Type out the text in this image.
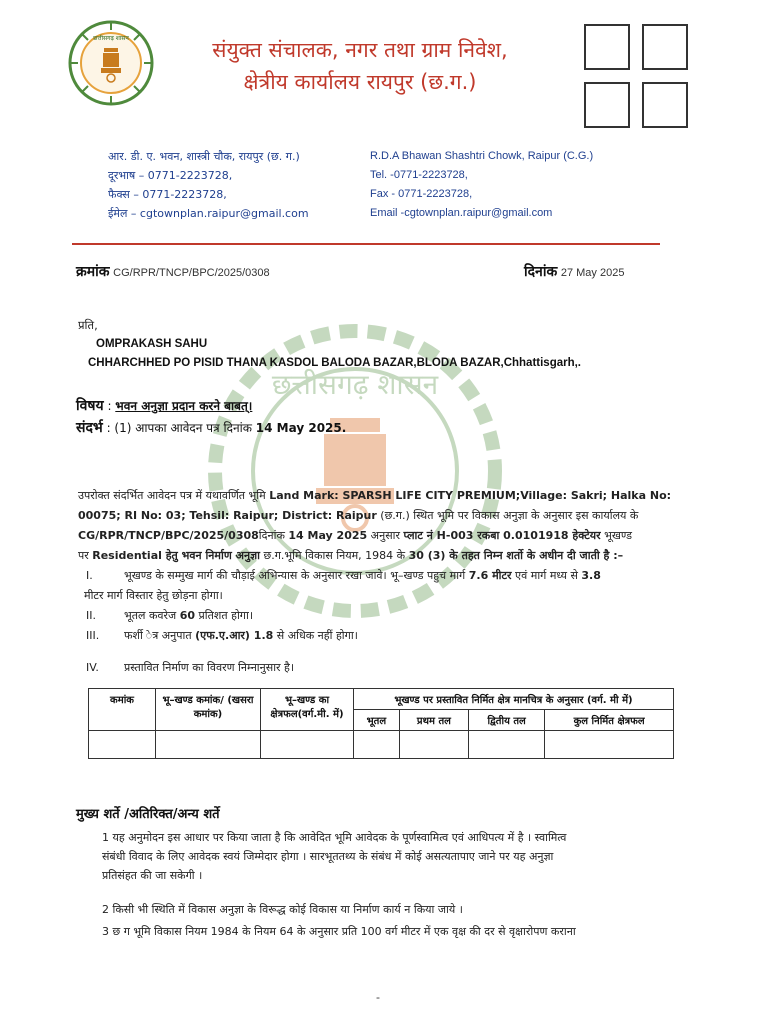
छत्तीसगढ़ शासन	संयुक्त संचालक, नगर तथा ग्राम निवेश,
क्षेत्रीय कार्यालय रायपुर (छ.ग.)
आर. डी. ए. भवन, शास्त्री चौक, रायपुर (छ. ग.)
दूरभाष – 0771-2223728,
फैक्स – 0771-2223728,
ईमेल – cgtownplan.raipur@gmail.com
R.D.A Bhawan Shashtri Chowk, Raipur (C.G.)
Tel. -0771-2223728,
Fax - 0771-2223728,
Email -cgtownplan.raipur@gmail.com
क्रमांक CG/RPR/TNCP/BPC/2025/0308	दिनांक 27 May 2025
छत्तीसगढ़ शासन
प्रति,
OMPRAKASH SAHU
CHHARCHHED PO PISID THANA KASDOL BALODA BAZAR,BLODA BAZAR,Chhattisgarh,.
विषय : भवन अनुज्ञा प्रदान करने बाबत्।
संदर्भ : (1) आपका आवेदन पत्र दिनांक 14 May 2025.
उपरोक्त संदर्भित आवेदन पत्र में यथावर्णित भूमि Land Mark: SPARSH LIFE CITY PREMIUM;Village: Sakri; Halka No:
00075; RI No: 03; Tehsil: Raipur; District: Raipur (छ.ग.) स्थित भूमि पर विकास अनुज्ञा के अनुसार इस कार्यालय के
CG/RPR/TNCP/BPC/2025/0308दिनांक 14 May 2025 अनुसार प्लाट नं H-003 रकबा 0.0101918 हेक्टेयर भूखण्ड
पर Residential हेतु भवन निर्माण अनुज्ञा छ.ग.भूमि विकास नियम, 1984 के 30 (3) के तहत निम्न शर्तो के अधीन दी जाती है :–
I.	भूखण्ड के सम्मुख मार्ग की चौड़ाई अभिन्यास के अनुसार रखा जावे। भू–खण्ड पहुच मार्ग 7.6 मीटर एवं मार्ग मध्य से 3.8
मीटर मार्ग विस्तार हेतु छोड़ना होगा।
II.	भूतल कवरेज 60 प्रतिशत होगा।
III. फर्शी ेत्र अनुपात (एफ.ए.आर) 1.8 से अधिक नहीं होगा।
IV. प्रस्तावित निर्माण का विवरण निम्नानुसार है।
कमांक	भू–खण्ड कमांक/ (खसरा कमांक)	भू–खण्ड का क्षेत्रफल(वर्ग.मी. में)	भूखण्ड पर प्रस्तावित निर्मित क्षेत्र मानचित्र के अनुसार (वर्ग. मी में)			
			भूतल	प्रथम तल	द्वितीय तल	कुल निर्मित क्षेत्रफल

मुख्य शर्ते /अतिरिक्त/अन्य शर्ते
1 यह अनुमोदन इस आधार पर किया जाता है कि आवेदित भूमि आवेदक के पूर्णस्वामित्व एवं आधिपत्य में है । स्वामित्व
संबंधी विवाद के लिए आवेदक स्वयं जिम्मेदार होगा । सारभूततथ्य के संबंध में कोई असत्यतापाए जाने पर यह अनुज्ञा
प्रतिसंहत की जा सकेगी ।
2 किसी भी स्थिति में विकास अनुज्ञा के विरूद्ध कोई विकास या निर्माण कार्य न किया जाये ।
3 छ ग भूमि विकास नियम 1984 के नियम 64 के अनुसार प्रति 100 वर्ग मीटर में एक वृक्ष की दर से वृक्षारोपण कराना
-
